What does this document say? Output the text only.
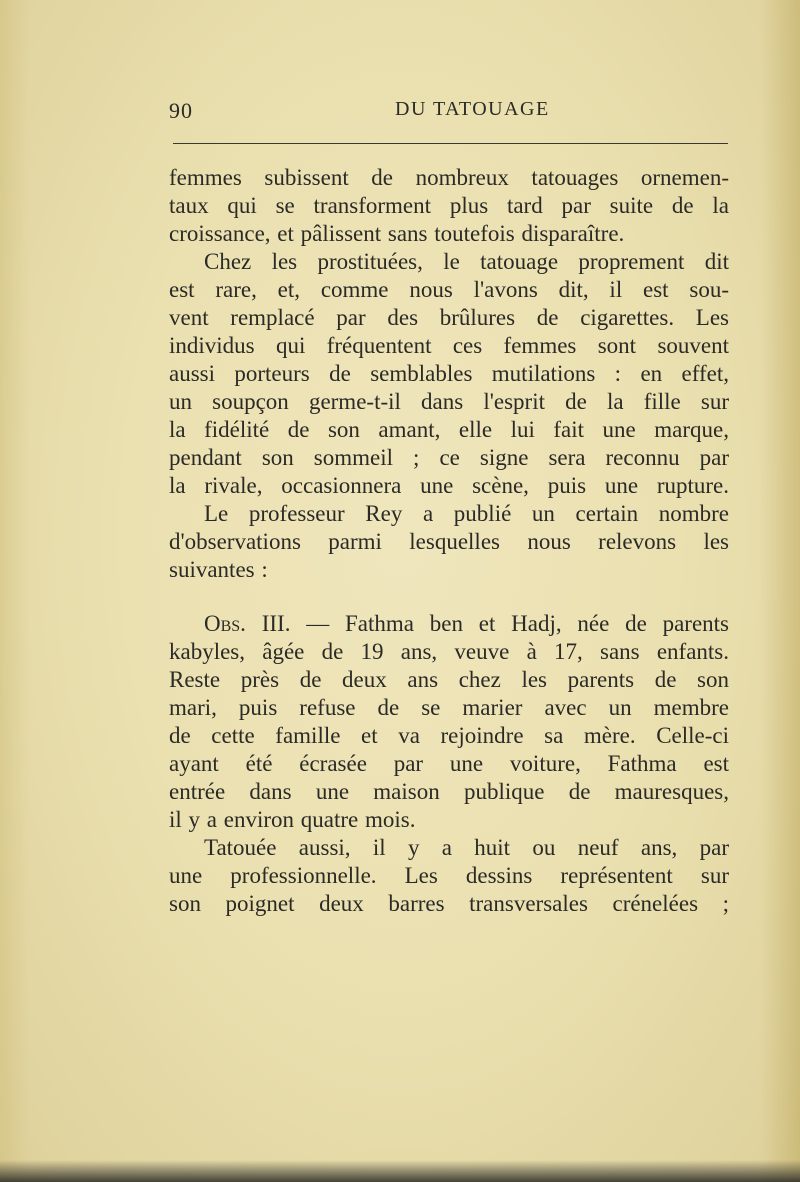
90	DU TATOUAGE
femmes subissent de nombreux tatouages ornemen-
taux qui se transforment plus tard par suite de la
croissance, et pâlissent sans toutefois disparaître.
Chez les prostituées, le tatouage proprement dit
est rare, et, comme nous l'avons dit, il est sou-
vent remplacé par des brûlures de cigarettes. Les
individus qui fréquentent ces femmes sont souvent
aussi porteurs de semblables mutilations : en effet,
un soupçon germe-t-il dans l'esprit de la fille sur
la fidélité de son amant, elle lui fait une marque,
pendant son sommeil ; ce signe sera reconnu par
la rivale, occasionnera une scène, puis une rupture.
Le professeur Rey a publié un certain nombre
d'observations parmi lesquelles nous relevons les
suivantes :
Obs. III. — Fathma ben et Hadj, née de parents
kabyles, âgée de 19 ans, veuve à 17, sans enfants.
Reste près de deux ans chez les parents de son
mari, puis refuse de se marier avec un membre
de cette famille et va rejoindre sa mère. Celle-ci
ayant été écrasée par une voiture, Fathma est
entrée dans une maison publique de mauresques,
il y a environ quatre mois.
Tatouée aussi, il y a huit ou neuf ans, par
une professionnelle. Les dessins représentent sur
son poignet deux barres transversales crénelées ;
